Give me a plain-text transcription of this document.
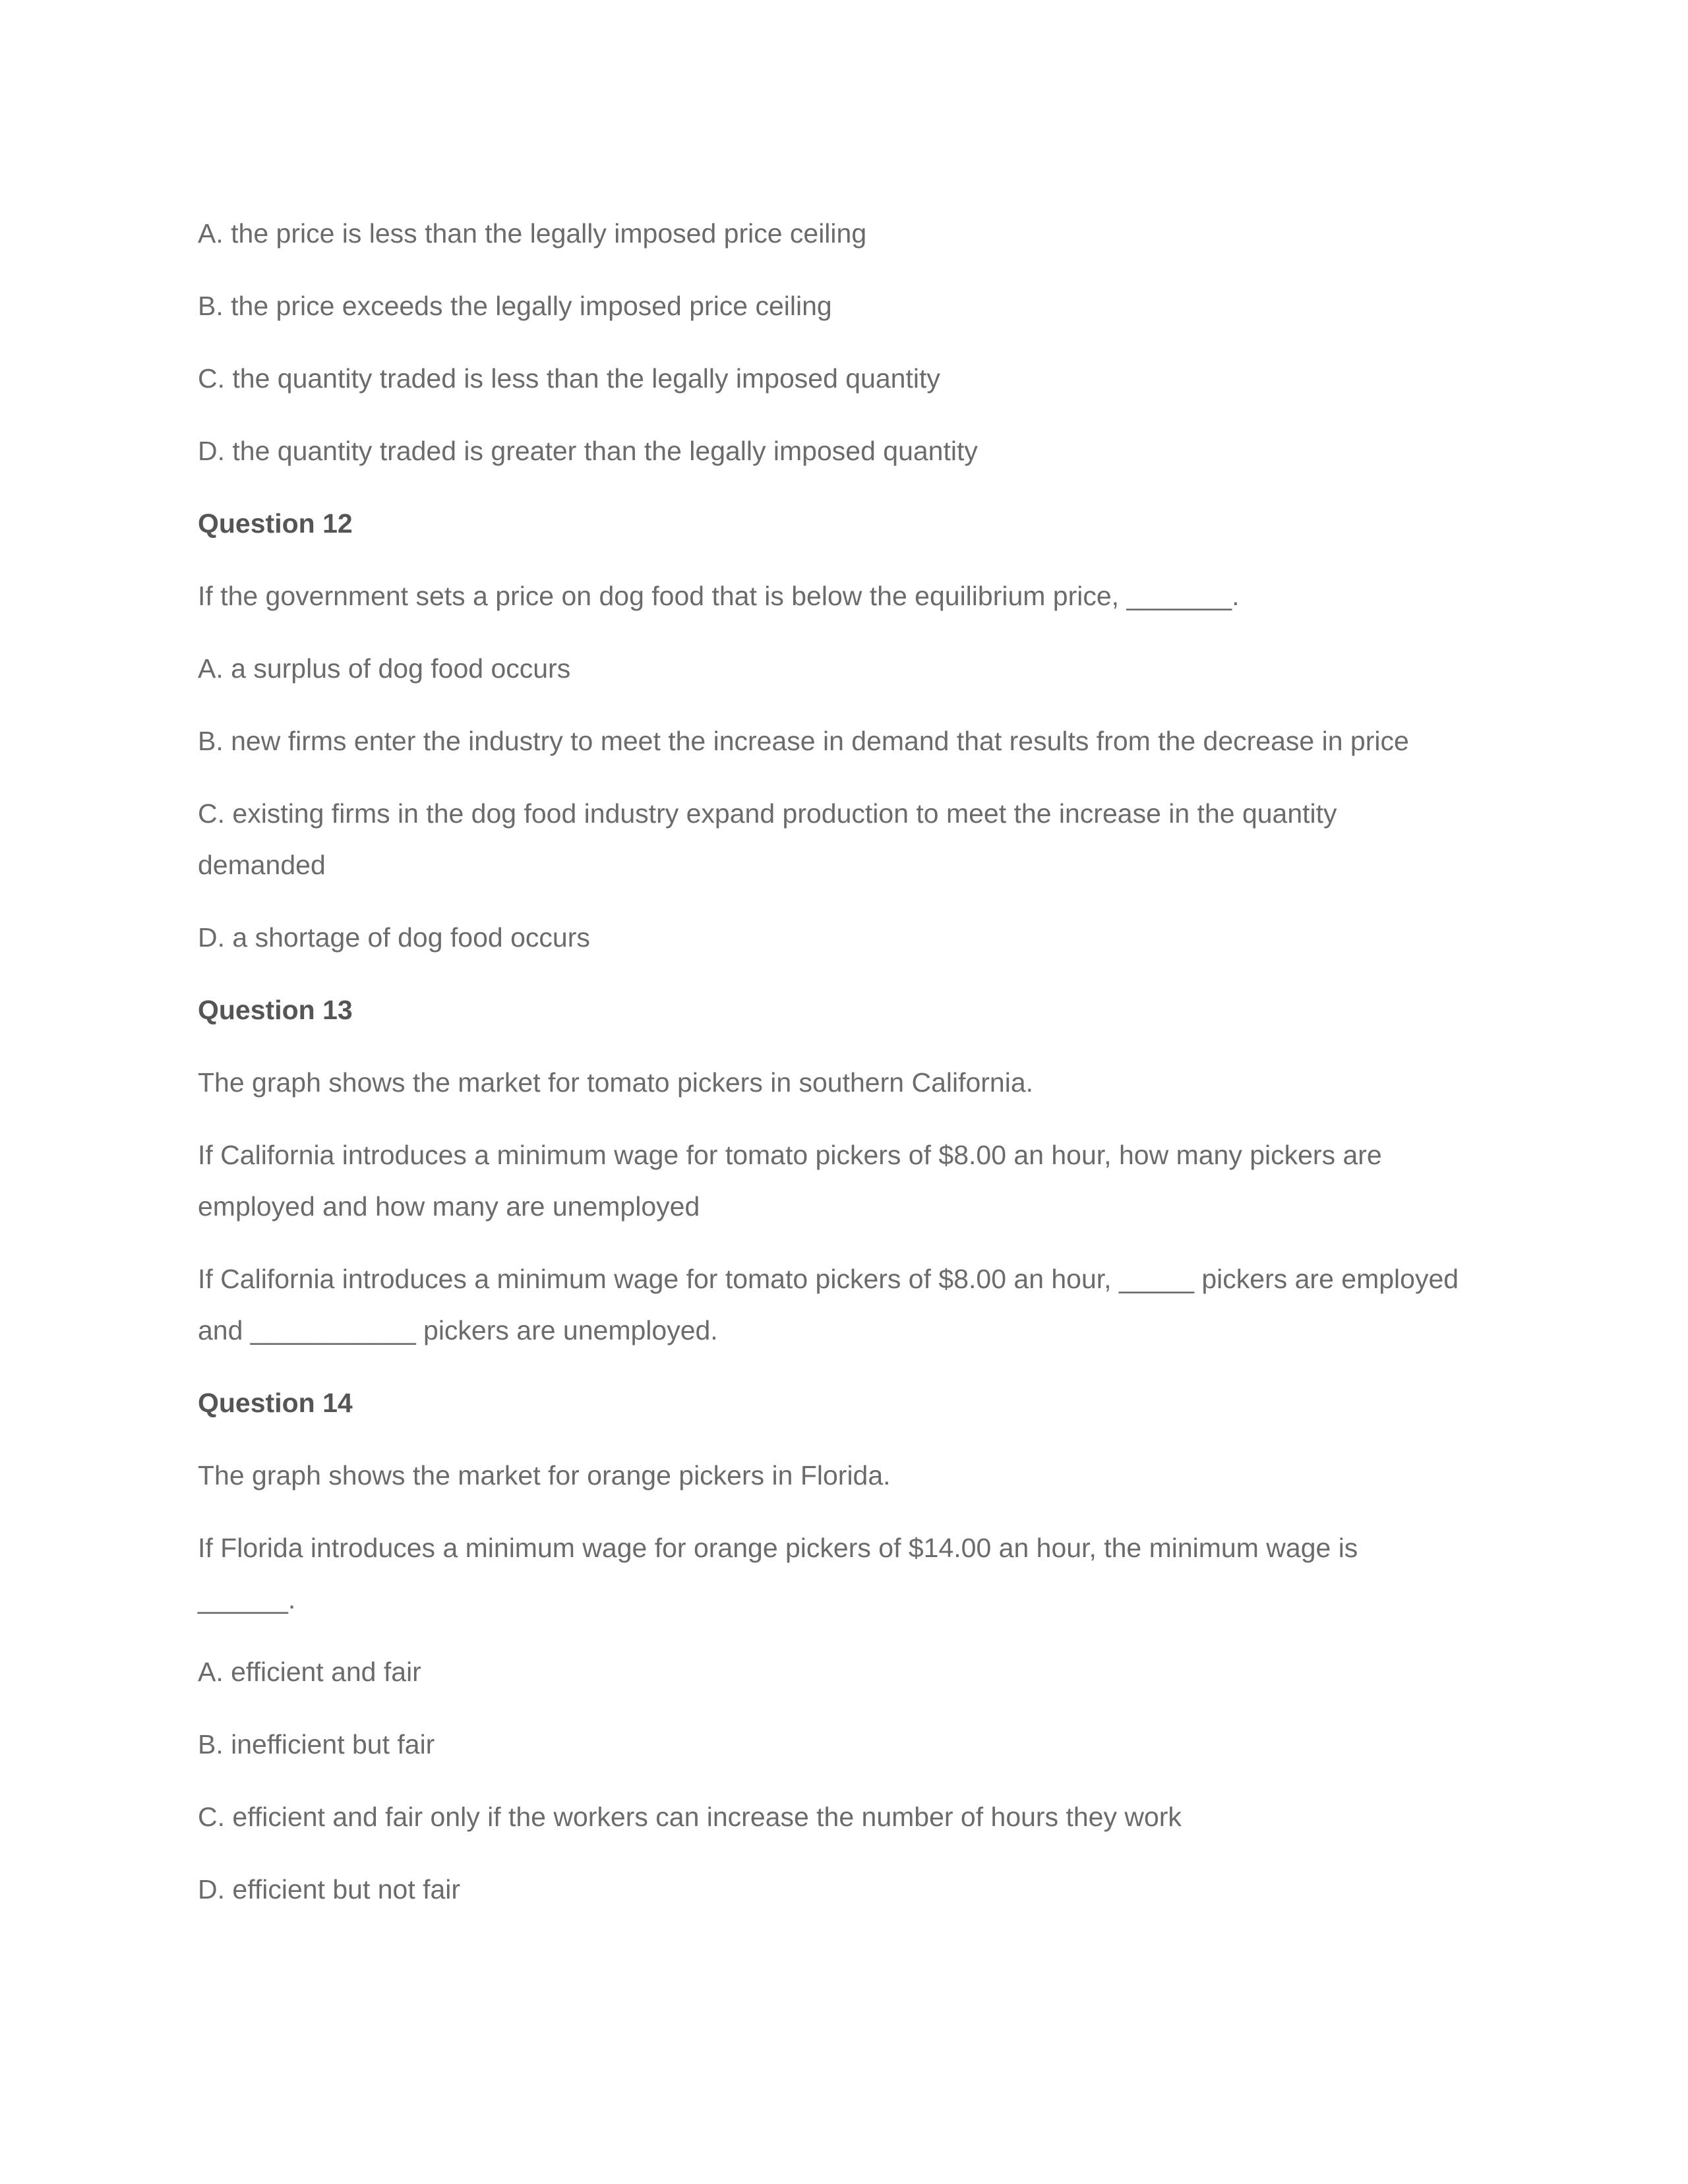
A. the price is less than the legally imposed price ceiling
B. the price exceeds the legally imposed price ceiling
C. the quantity traded is less than the legally imposed quantity
D. the quantity traded is greater than the legally imposed quantity
Question 12
If the government sets a price on dog food that is below the equilibrium price, _______.
A. a surplus of dog food occurs
B. new firms enter the industry to meet the increase in demand that results from the decrease in price
C. existing firms in the dog food industry expand production to meet the increase in the quantity
demanded
D. a shortage of dog food occurs
Question 13
The graph shows the market for tomato pickers in southern California.
If California introduces a minimum wage for tomato pickers of $8.00 an hour, how many pickers are
employed and how many are unemployed
If California introduces a minimum wage for tomato pickers of $8.00 an hour, _____ pickers are employed
and ___________ pickers are unemployed.
Question 14
The graph shows the market for orange pickers in Florida.
If Florida introduces a minimum wage for orange pickers of $14.00 an hour, the minimum wage is
______.
A. efficient and fair
B. inefficient but fair
C. efficient and fair only if the workers can increase the number of hours they work
D. efficient but not fair
